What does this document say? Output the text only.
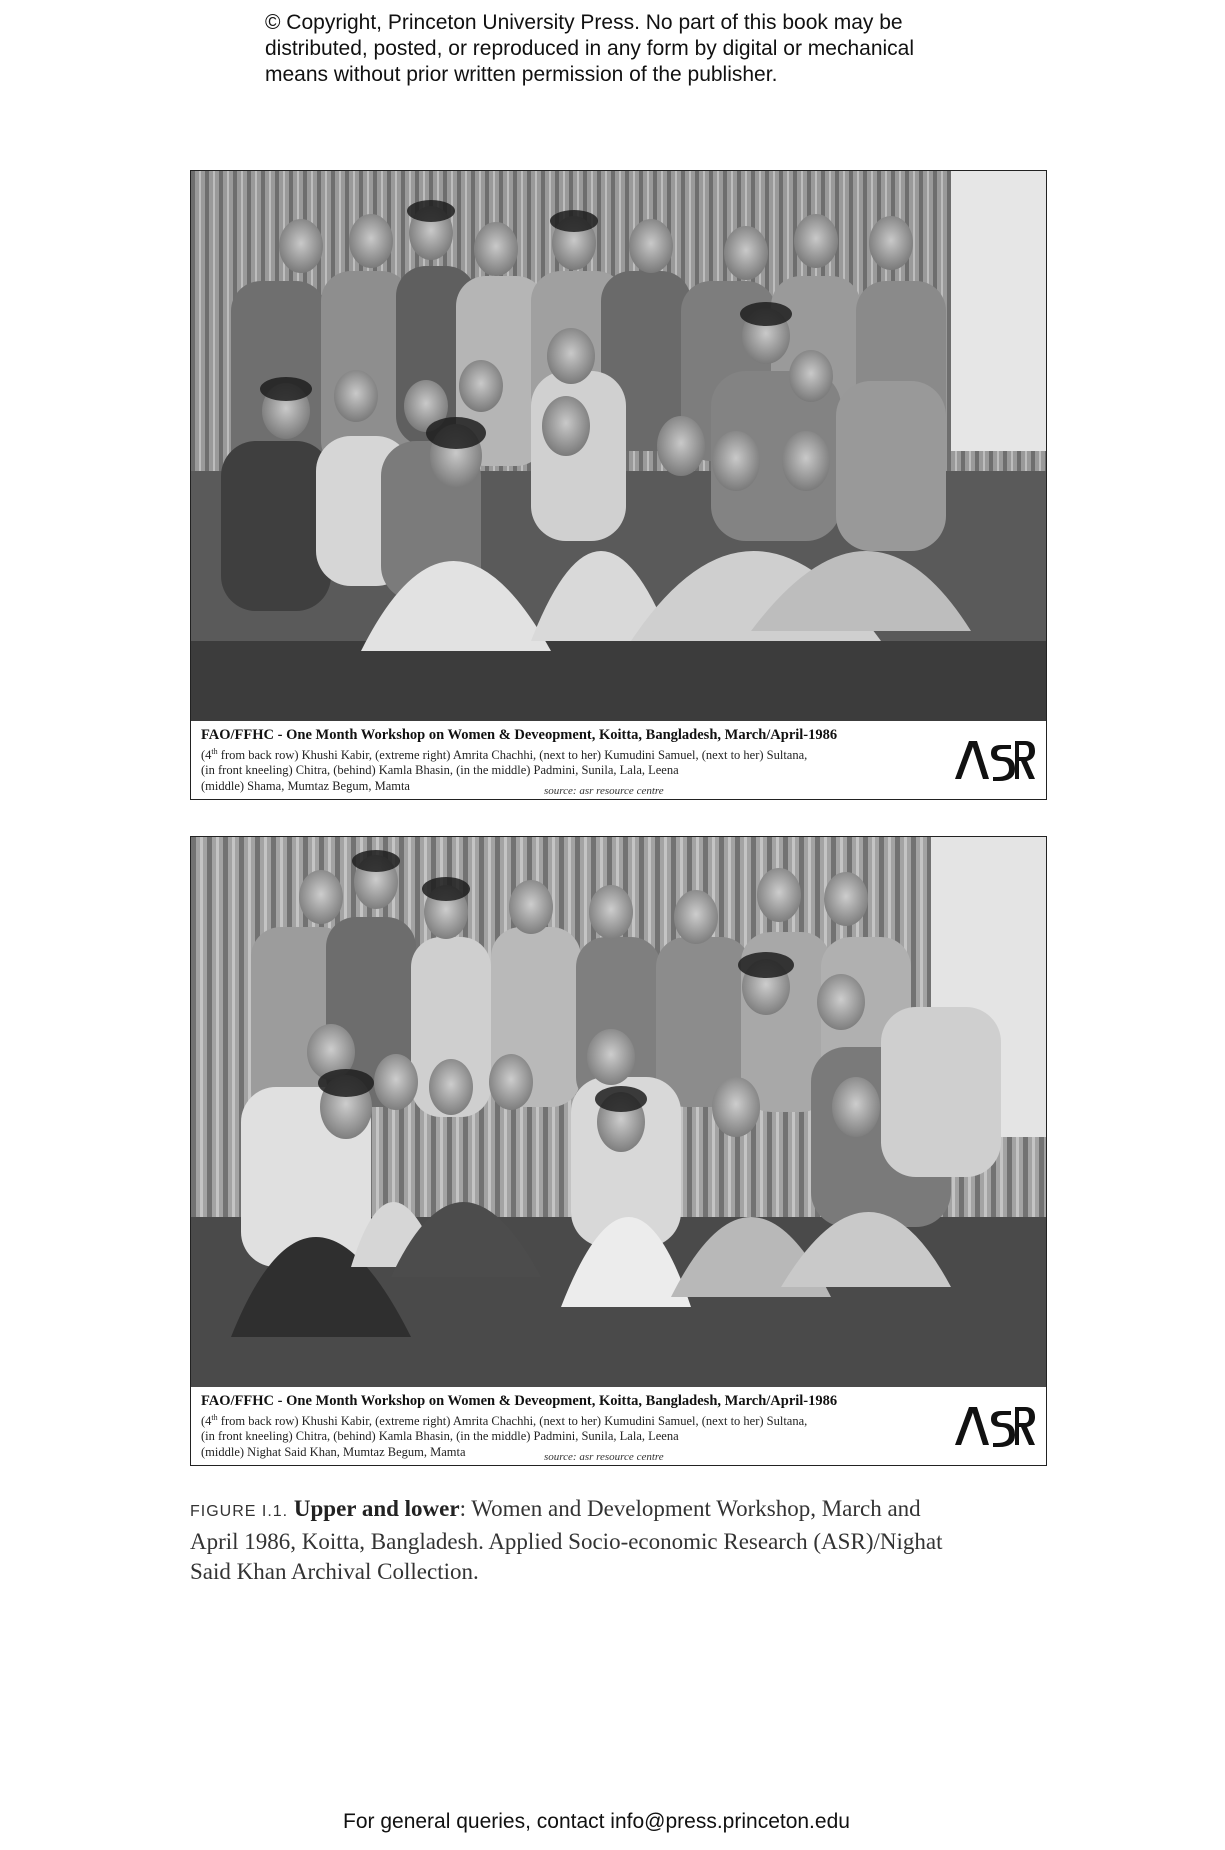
© Copyright, Princeton University Press. No part of this book may be
distributed, posted, or reproduced in any form by digital or mechanical
means without prior written permission of the publisher.
FAO/FFHC - One Month Workshop on Women & Deveopment, Koitta, Bangladesh, March/April-1986
(4th from back row) Khushi Kabir, (extreme right) Amrita Chachhi, (next to her) Kumudini Samuel, (next to her) Sultana,
(in front kneeling) Chitra, (behind) Kamla Bhasin, (in the middle) Padmini, Sunila, Lala, Leena
(middle) Shama, Mumtaz Begum, Mamta	source: asr resource centre
FAO/FFHC - One Month Workshop on Women & Deveopment, Koitta, Bangladesh, March/April-1986
(4th from back row) Khushi Kabir, (extreme right) Amrita Chachhi, (next to her) Kumudini Samuel, (next to her) Sultana,
(in front kneeling) Chitra, (behind) Kamla Bhasin, (in the middle) Padmini, Sunila, Lala, Leena
(middle) Nighat Said Khan, Mumtaz Begum, Mamta	source: asr resource centre
FIGURE I.1. Upper and lower: Women and Development Workshop, March and
April 1986, Koitta, Bangladesh. Applied Socio-economic Research (ASR)/Nighat
Said Khan Archival Collection.
For general queries, contact info@press.princeton.edu
